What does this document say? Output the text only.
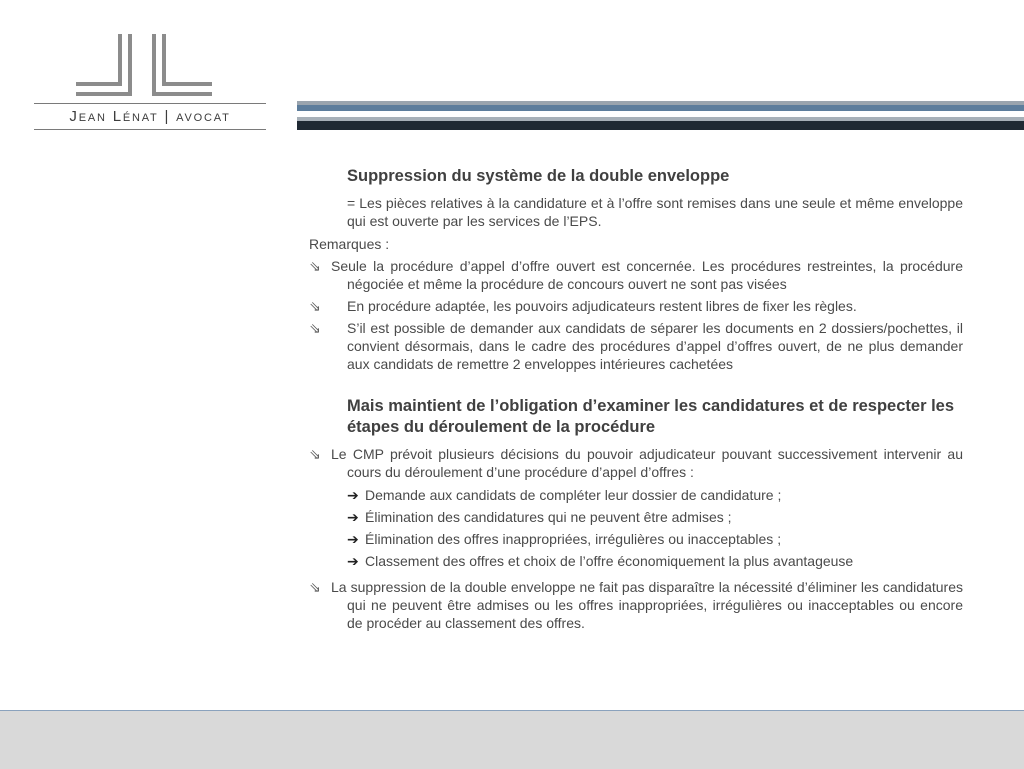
Jean Lénat | avocat
Suppression du système de la double enveloppe

= Les pièces relatives à la candidature et à l’offre sont remises dans une seule et même enveloppe qui est ouverte par les services de l’EPS.

Remarques :
⇘ Seule la procédure d’appel d’offre ouvert est concernée. Les procédures restreintes, la procédure négociée et même la procédure de concours ouvert ne sont pas visées
⇘ En procédure adaptée, les pouvoirs adjudicateurs restent libres de fixer les règles.
⇘ S’il est possible de demander aux candidats de séparer les documents en 2 dossiers/pochettes, il convient désormais, dans le cadre des procédures d’appel d’offres ouvert, de ne plus demander aux candidats de remettre 2 enveloppes intérieures cachetées
Mais maintient de l’obligation d’examiner les candidatures et de respecter les étapes du déroulement de la procédure
⇘ Le CMP prévoit plusieurs décisions du pouvoir adjudicateur pouvant successivement intervenir au cours du déroulement d’une procédure d’appel d’offres :
➔ Demande aux candidats de compléter leur dossier de candidature ;
➔ Élimination des candidatures qui ne peuvent être admises ;
➔ Élimination des offres inappropriées, irrégulières ou inacceptables ;
➔ Classement des offres et choix de l’offre économiquement la plus avantageuse
⇘ La suppression de la double enveloppe ne fait pas disparaître la nécessité d’éliminer les candidatures qui ne peuvent être admises ou les offres inappropriées, irrégulières ou inacceptables ou encore de procéder au classement des offres.
